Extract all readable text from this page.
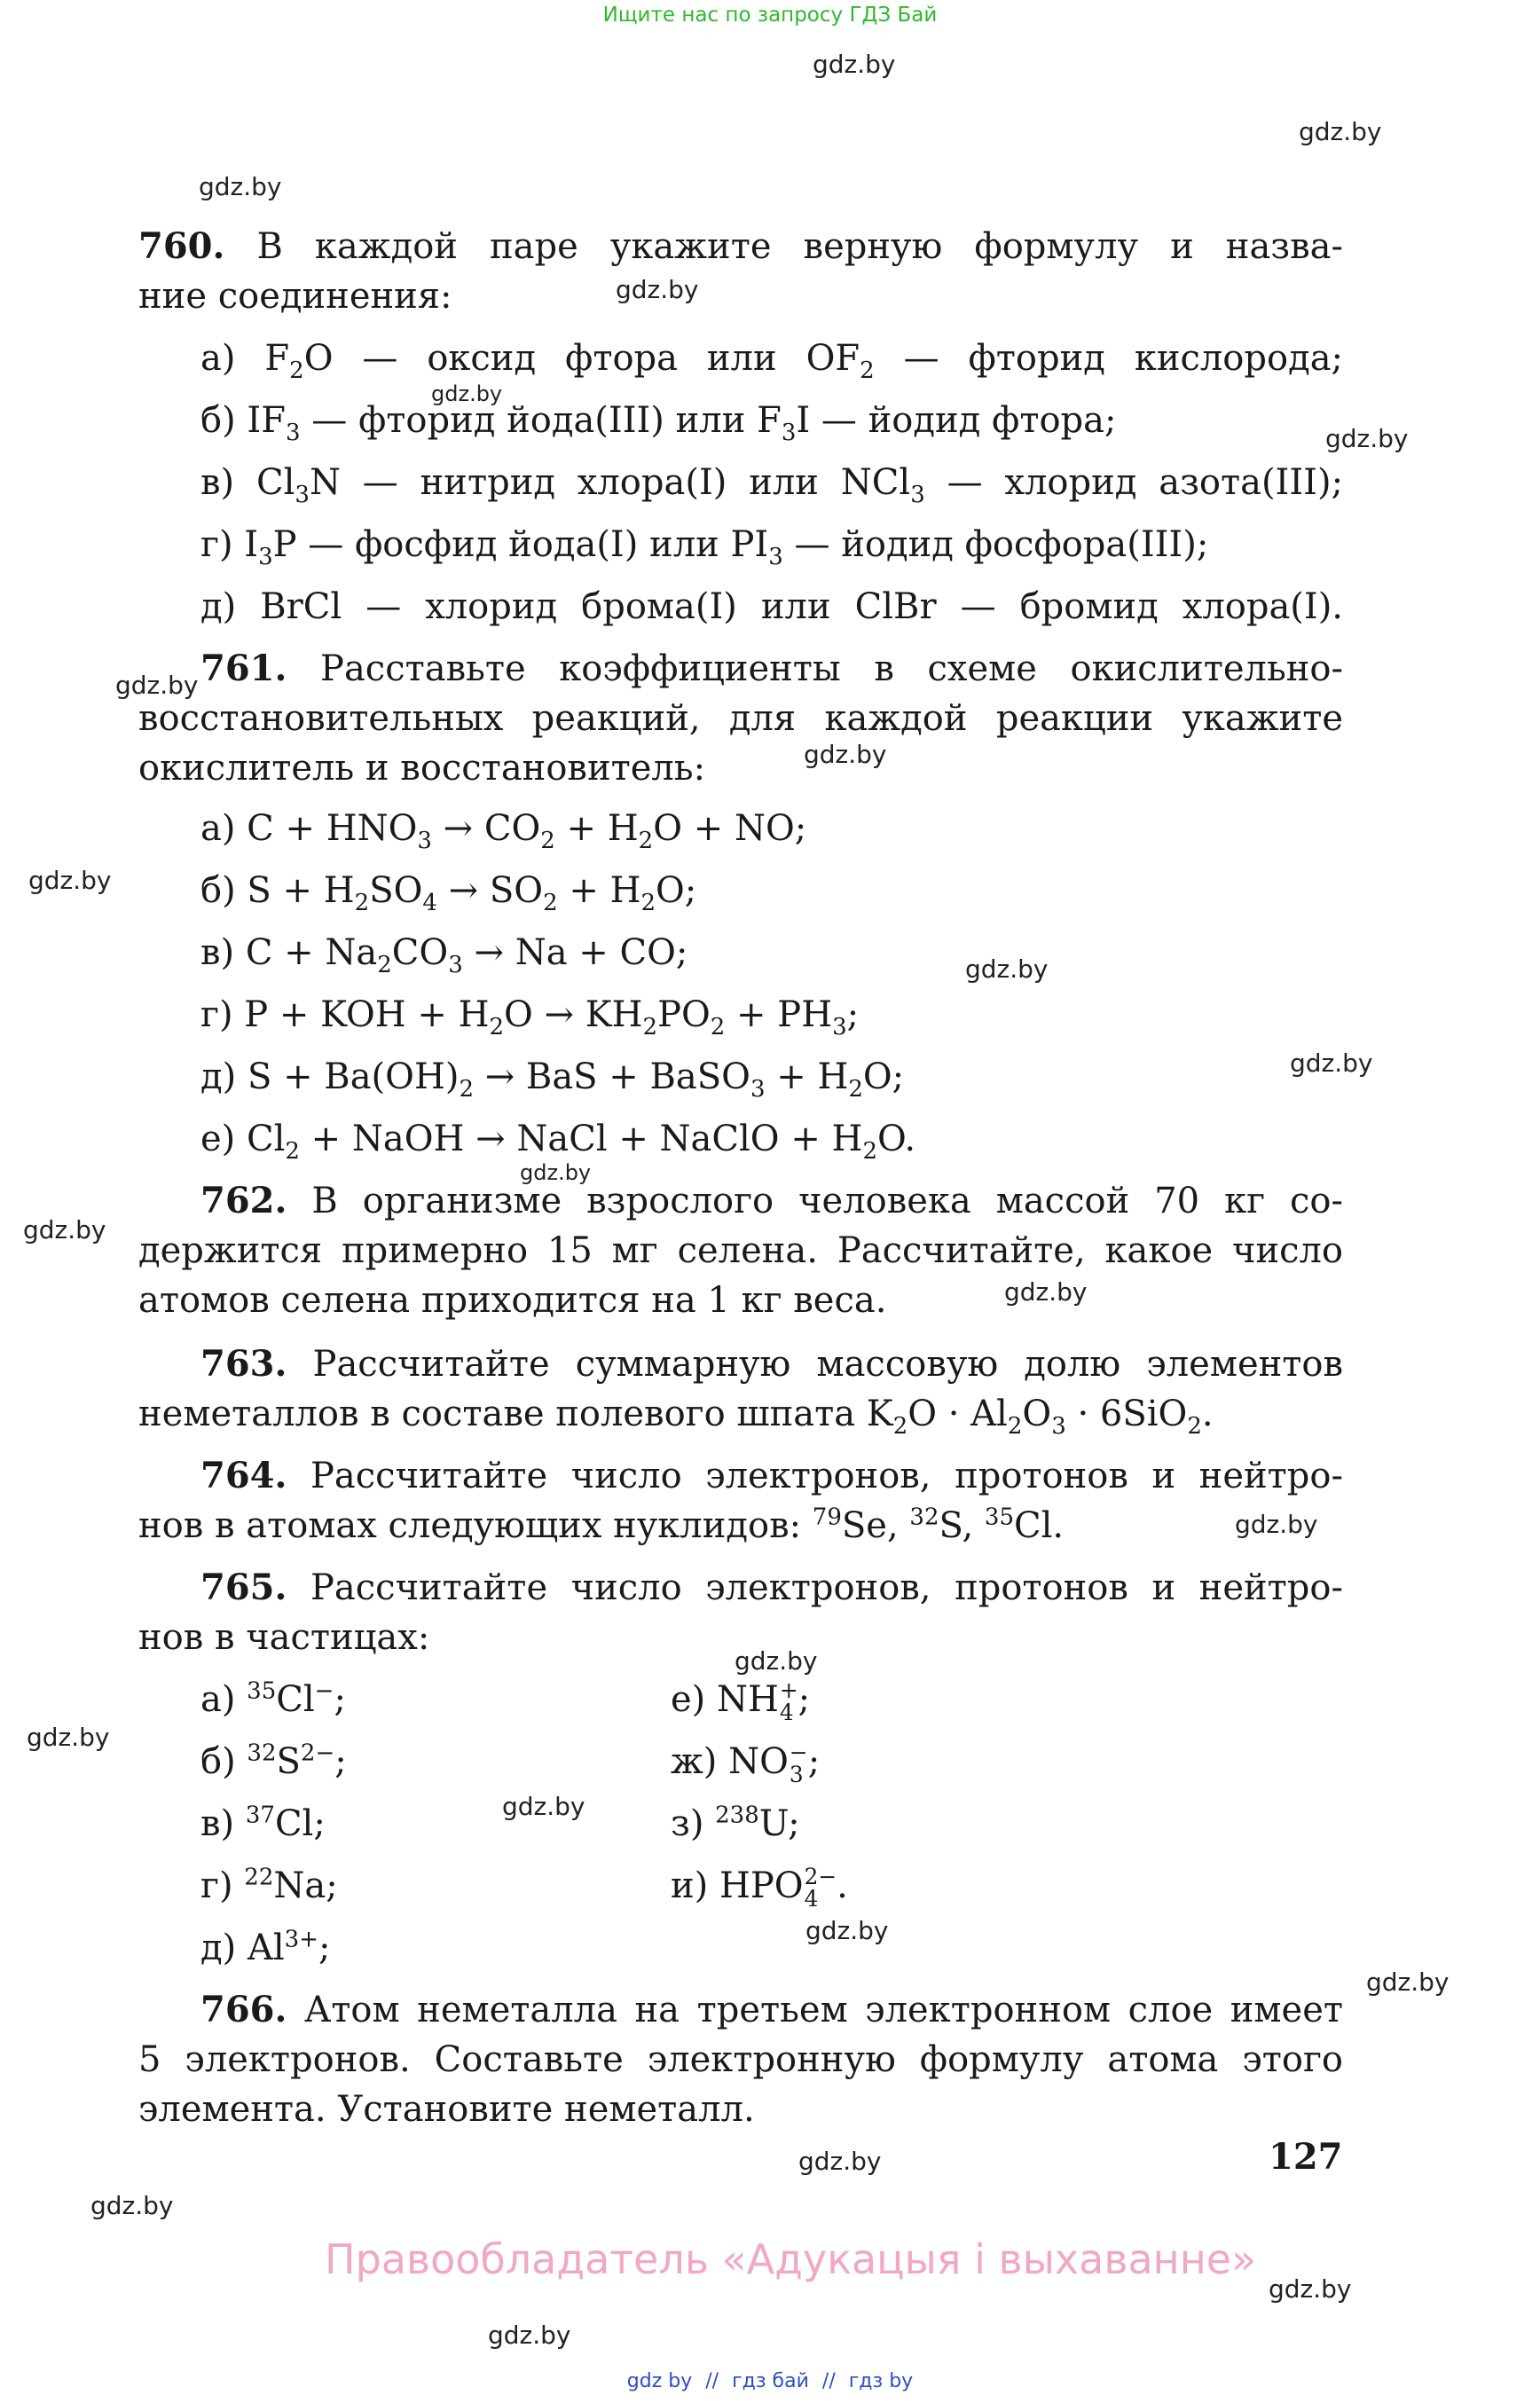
Ищите нас по запросу ГДЗ Бай
gdz.by
gdz.by
gdz.by
gdz.by
gdz.by
gdz.by
gdz.by
gdz.by
gdz.by
gdz.by
gdz.by
gdz.by
gdz.by
gdz.by
gdz.by
gdz.by
gdz.by
gdz.by
gdz.by
gdz.by
gdz.by
gdz.by
gdz.by
gdz.by
760. В каждой паре укажите верную формулу и назва-
ние соединения:
а) $F_2O$ — оксид фтора или $OF_2$ — фторид кислорода;
б) $IF_3$ — фторид йода(III) или $F_3I$ — йодид фтора;
в) $Cl_3N$ — нитрид хлора(I) или NCl$_3$ — хлорид азота(III);
г) $I_3P$ — фосфид йода(I) или $PI_3$ — йодид фосфора(III);
д) BrCl — хлорид брома(I) или ClBr — бромид хлора(I).
761. Расставьте коэффициенты в схеме окислительно-
восстановительных реакций, для каждой реакции укажите
окислитель и восстановитель:
а) $C + HNO_3 \to CO_2 + H_2O$ + NO;
б) $S + H_2SO_4 \to SO_2 + H_2O$;
в) $C + Na_2CO_3 \to Na$ + CO;
г) P + KOH + $H_2O \to KH_2PO_2 + PH_3$;
д) $S + Ba(OH)_2$ → BaS + BaSO$_3$ + $H_2O$;
е) $Cl_2$ + NaOH → NaCl + NaClO + $H_2O$.
762. В организме взрослого человека массой 70 кг со-
держится примерно 15 мг селена. Рассчитайте, какое число
атомов селена приходится на 1 кг веса.
763. Рассчитайте суммарную массовую долю элементов
неметаллов в составе полевого шпата $K_2O \cdot Al_2O_3 \cdot 6SiO_2$.
764. Рассчитайте число электронов, протонов и нейтро-
нов в атомах следующих нуклидов: $^{79}$Se, $^{32}$S, $^{35}$Cl.
765. Рассчитайте число электронов, протонов и нейтро-
нов в частицах:
а) $^{35}$Cl−;
б) $^{32}S^{2-}$;
в) $^{37}$Cl;
г) $^{22}$Na;
д) $Al^{3+}$;
е) NH +
4 ;
ж) NO −
3 ;
з) $^{238}$U;
и) HPO 2−
4 .
766. Атом неметалла на третьем электронном слое имеет
5 электронов. Составьте электронную формулу атома этого
элемента. Установите неметалл.
127
Правообладатель «Адукацыя і выхаванне»
gdz by // гдз бай // гдз by
